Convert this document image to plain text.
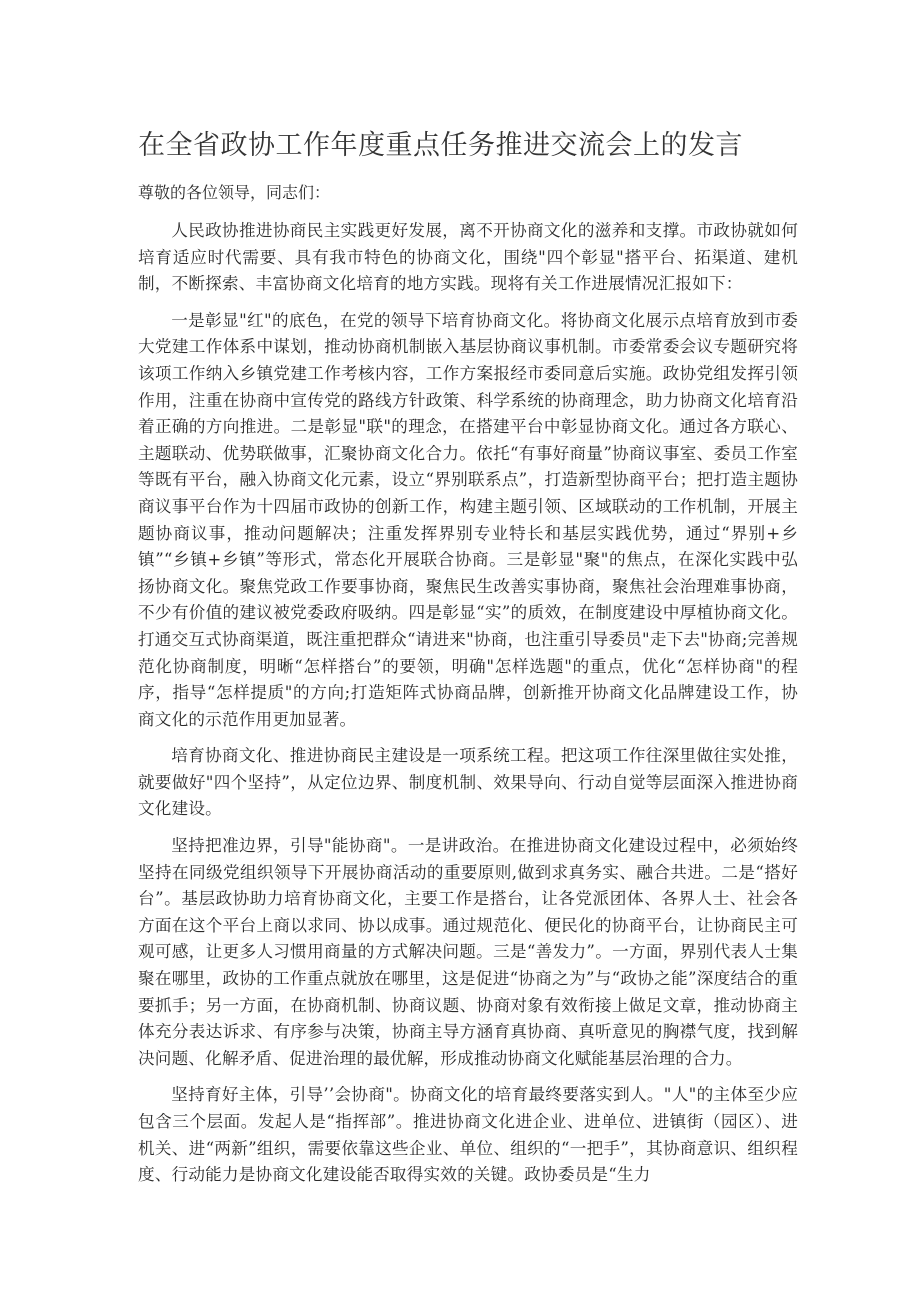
在全省政协工作年度重点任务推进交流会上的发言

尊敬的各位领导，同志们：

人民政协推进协商民主实践更好发展，离不开协商文化的滋养和支撑。市政协就如何培育适应时代需要、具有我市特色的协商文化，围绕"四个彰显"搭平台、拓渠道、建机制，不断探索、丰富协商文化培育的地方实践。现将有关工作进展情况汇报如下：

一是彰显"红"的底色，在党的领导下培育协商文化。将协商文化展示点培育放到市委大党建工作体系中谋划，推动协商机制嵌入基层协商议事机制。市委常委会议专题研究将该项工作纳入乡镇党建工作考核内容，工作方案报经市委同意后实施。政协党组发挥引领作用，注重在协商中宣传党的路线方针政策、科学系统的协商理念，助力协商文化培育沿着正确的方向推进。二是彰显"联"的理念，在搭建平台中彰显协商文化。通过各方联心、主题联动、优势联做事，汇聚协商文化合力。依托“有事好商量”协商议事室、委员工作室等既有平台，融入协商文化元素，设立“界别联系点”，打造新型协商平台；把打造主题协商议事平台作为十四届市政协的创新工作，构建主题引领、区域联动的工作机制，开展主题协商议事，推动问题解决；注重发挥界别专业特长和基层实践优势，通过“界别+乡镇”“乡镇+乡镇”等形式，常态化开展联合协商。三是彰显"聚"的焦点，在深化实践中弘扬协商文化。聚焦党政工作要事协商，聚焦民生改善实事协商，聚焦社会治理难事协商，不少有价值的建议被党委政府吸纳。四是彰显“实”的质效，在制度建设中厚植协商文化。打通交互式协商渠道，既注重把群众“请进来"协商，也注重引导委员"走下去"协商;完善规范化协商制度，明晰“怎样搭台”的要领，明确"怎样选题"的重点，优化“怎样协商"的程序，指导“怎样提质"的方向;打造矩阵式协商品牌，创新推开协商文化品牌建设工作，协商文化的示范作用更加显著。

培育协商文化、推进协商民主建设是一项系统工程。把这项工作往深里做往实处推，就要做好"四个坚持”，从定位边界、制度机制、效果导向、行动自觉等层面深入推进协商文化建设。

坚持把准边界，引导"能协商"。一是讲政治。在推进协商文化建设过程中，必须始终坚持在同级党组织领导下开展协商活动的重要原则,做到求真务实、融合共进。二是“搭好台”。基层政协助力培育协商文化，主要工作是搭台，让各党派团体、各界人士、社会各方面在这个平台上商以求同、协以成事。通过规范化、便民化的协商平台，让协商民主可观可感，让更多人习惯用商量的方式解决问题。三是“善发力”。一方面，界别代表人士集聚在哪里，政协的工作重点就放在哪里，这是促进“协商之为”与“政协之能”深度结合的重要抓手；另一方面，在协商机制、协商议题、协商对象有效衔接上做足文章，推动协商主体充分表达诉求、有序参与决策，协商主导方涵育真协商、真听意见的胸襟气度，找到解决问题、化解矛盾、促进治理的最优解，形成推动协商文化赋能基层治理的合力。

坚持育好主体，引导’’会协商"。协商文化的培育最终要落实到人。"人"的主体至少应包含三个层面。发起人是“指挥部”。推进协商文化进企业、进单位、进镇街（园区）、进机关、进“两新”组织，需要依靠这些企业、单位、组织的“一把手”，其协商意识、组织程度、行动能力是协商文化建设能否取得实效的关键。政协委员是“生力
